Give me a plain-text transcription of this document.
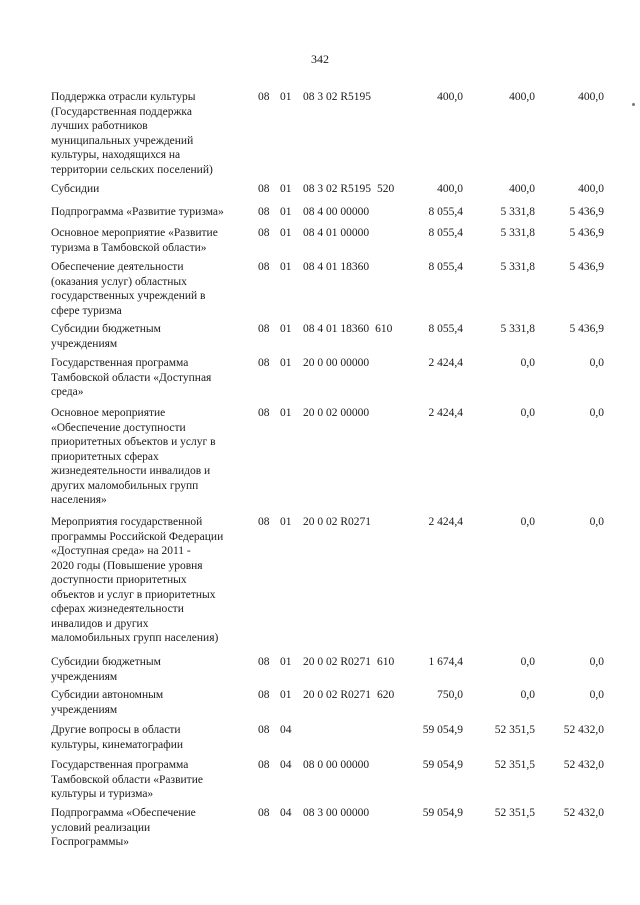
342
Поддержка отрасли культуры
(Государственная поддержка
лучших работников
муниципальных учреждений
культуры, находящихся на
территории сельских поселений)
08 01 08 3 02 R5195	400,0	400,0	400,0
Субсидии	08 01 08 3 02 R5195 520	400,0	400,0	400,0
Подпрограмма «Развитие туризма»	08 01 08 4 00 00000	8 055,4	5 331,8	5 436,9
Основное мероприятие «Развитие
туризма в Тамбовской области»
08 01 08 4 01 00000	8 055,4	5 331,8	5 436,9
Обеспечение деятельности
(оказания услуг) областных
государственных учреждений в
сфере туризма
08 01 08 4 01 18360	8 055,4	5 331,8	5 436,9
Субсидии бюджетным
учреждениям
08 01 08 4 01 18360 610	8 055,4	5 331,8	5 436,9
Государственная программа
Тамбовской области «Доступная
среда»
08 01 20 0 00 00000	2 424,4	0,0	0,0
Основное мероприятие
«Обеспечение доступности
приоритетных объектов и услуг в
приоритетных сферах
жизнедеятельности инвалидов и
других маломобильных групп
населения»
08 01 20 0 02 00000	2 424,4	0,0	0,0
Мероприятия государственной
программы Российской Федерации
«Доступная среда» на 2011 -
2020 годы (Повышение уровня
доступности приоритетных
объектов и услуг в приоритетных
сферах жизнедеятельности
инвалидов и других
маломобильных групп населения)
08 01 20 0 02 R0271	2 424,4	0,0	0,0
Субсидии бюджетным
учреждениям
08 01 20 0 02 R0271 610	1 674,4	0,0	0,0
Субсидии автономным
учреждениям
08 01 20 0 02 R0271 620	750,0	0,0	0,0
Другие вопросы в области
культуры, кинематографии
08 04	59 054,9	52 351,5	52 432,0
Государственная программа
Тамбовской области «Развитие
культуры и туризма»
08 04 08 0 00 00000	59 054,9	52 351,5	52 432,0
Подпрограмма «Обеспечение
условий реализации
Госпрограммы»
08 04 08 3 00 00000	59 054,9	52 351,5	52 432,0
